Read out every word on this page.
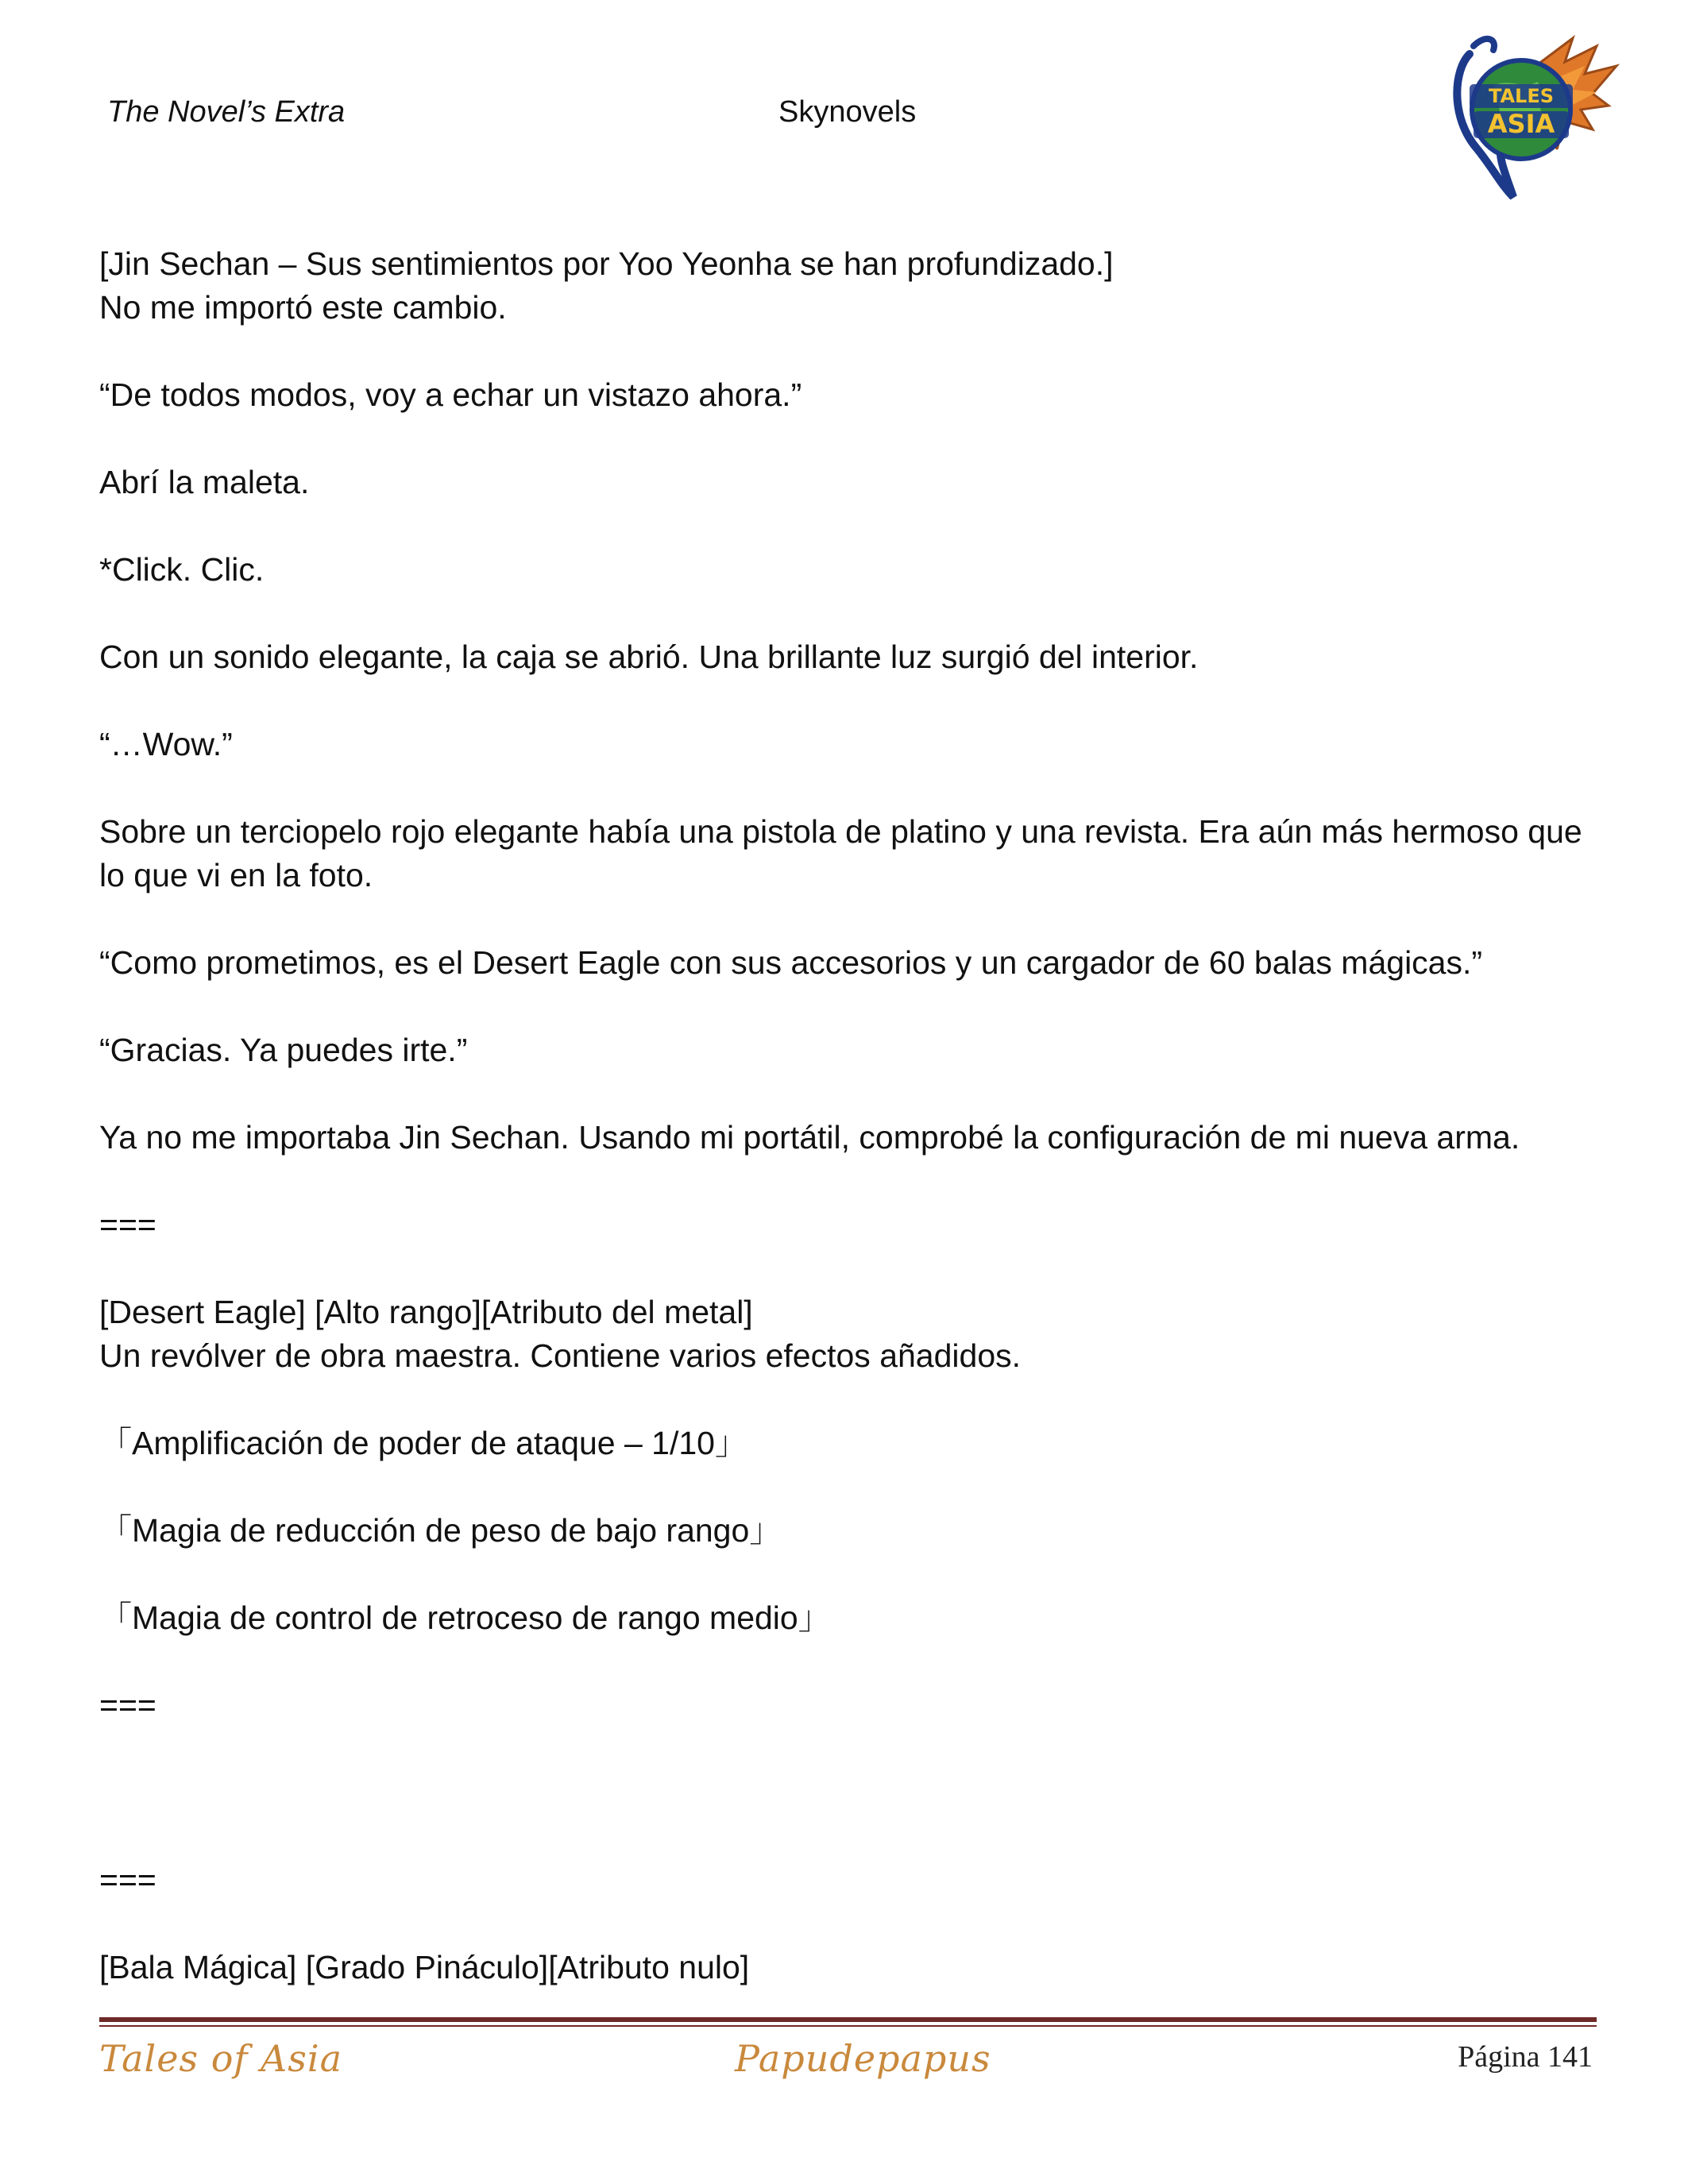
The Novel’s Extra	Skynovels	TALES
ASIA

[Jin Sechan – Sus sentimientos por Yoo Yeonha se han profundizado.]

No me importó este cambio.

“De todos modos, voy a echar un vistazo ahora.”

Abrí la maleta.

*Click. Clic.

Con un sonido elegante, la caja se abrió. Una brillante luz surgió del interior.

“…Wow.”

Sobre un terciopelo rojo elegante había una pistola de platino y una revista. Era aún más hermoso que lo que vi en la foto.

“Como prometimos, es el Desert Eagle con sus accesorios y un cargador de 60 balas mágicas.”

“Gracias. Ya puedes irte.”

Ya no me importaba Jin Sechan. Usando mi portátil, comprobé la configuración de mi nueva arma.

===

[Desert Eagle] [Alto rango][Atributo del metal]

Un revólver de obra maestra. Contiene varios efectos añadidos.

「Amplificación de poder de ataque – 1/10」

「Magia de reducción de peso de bajo rango」

「Magia de control de retroceso de rango medio」

===

===

[Bala Mágica] [Grado Pináculo][Atributo nulo]

Tales of Asia	Papudepapus	Página 141
